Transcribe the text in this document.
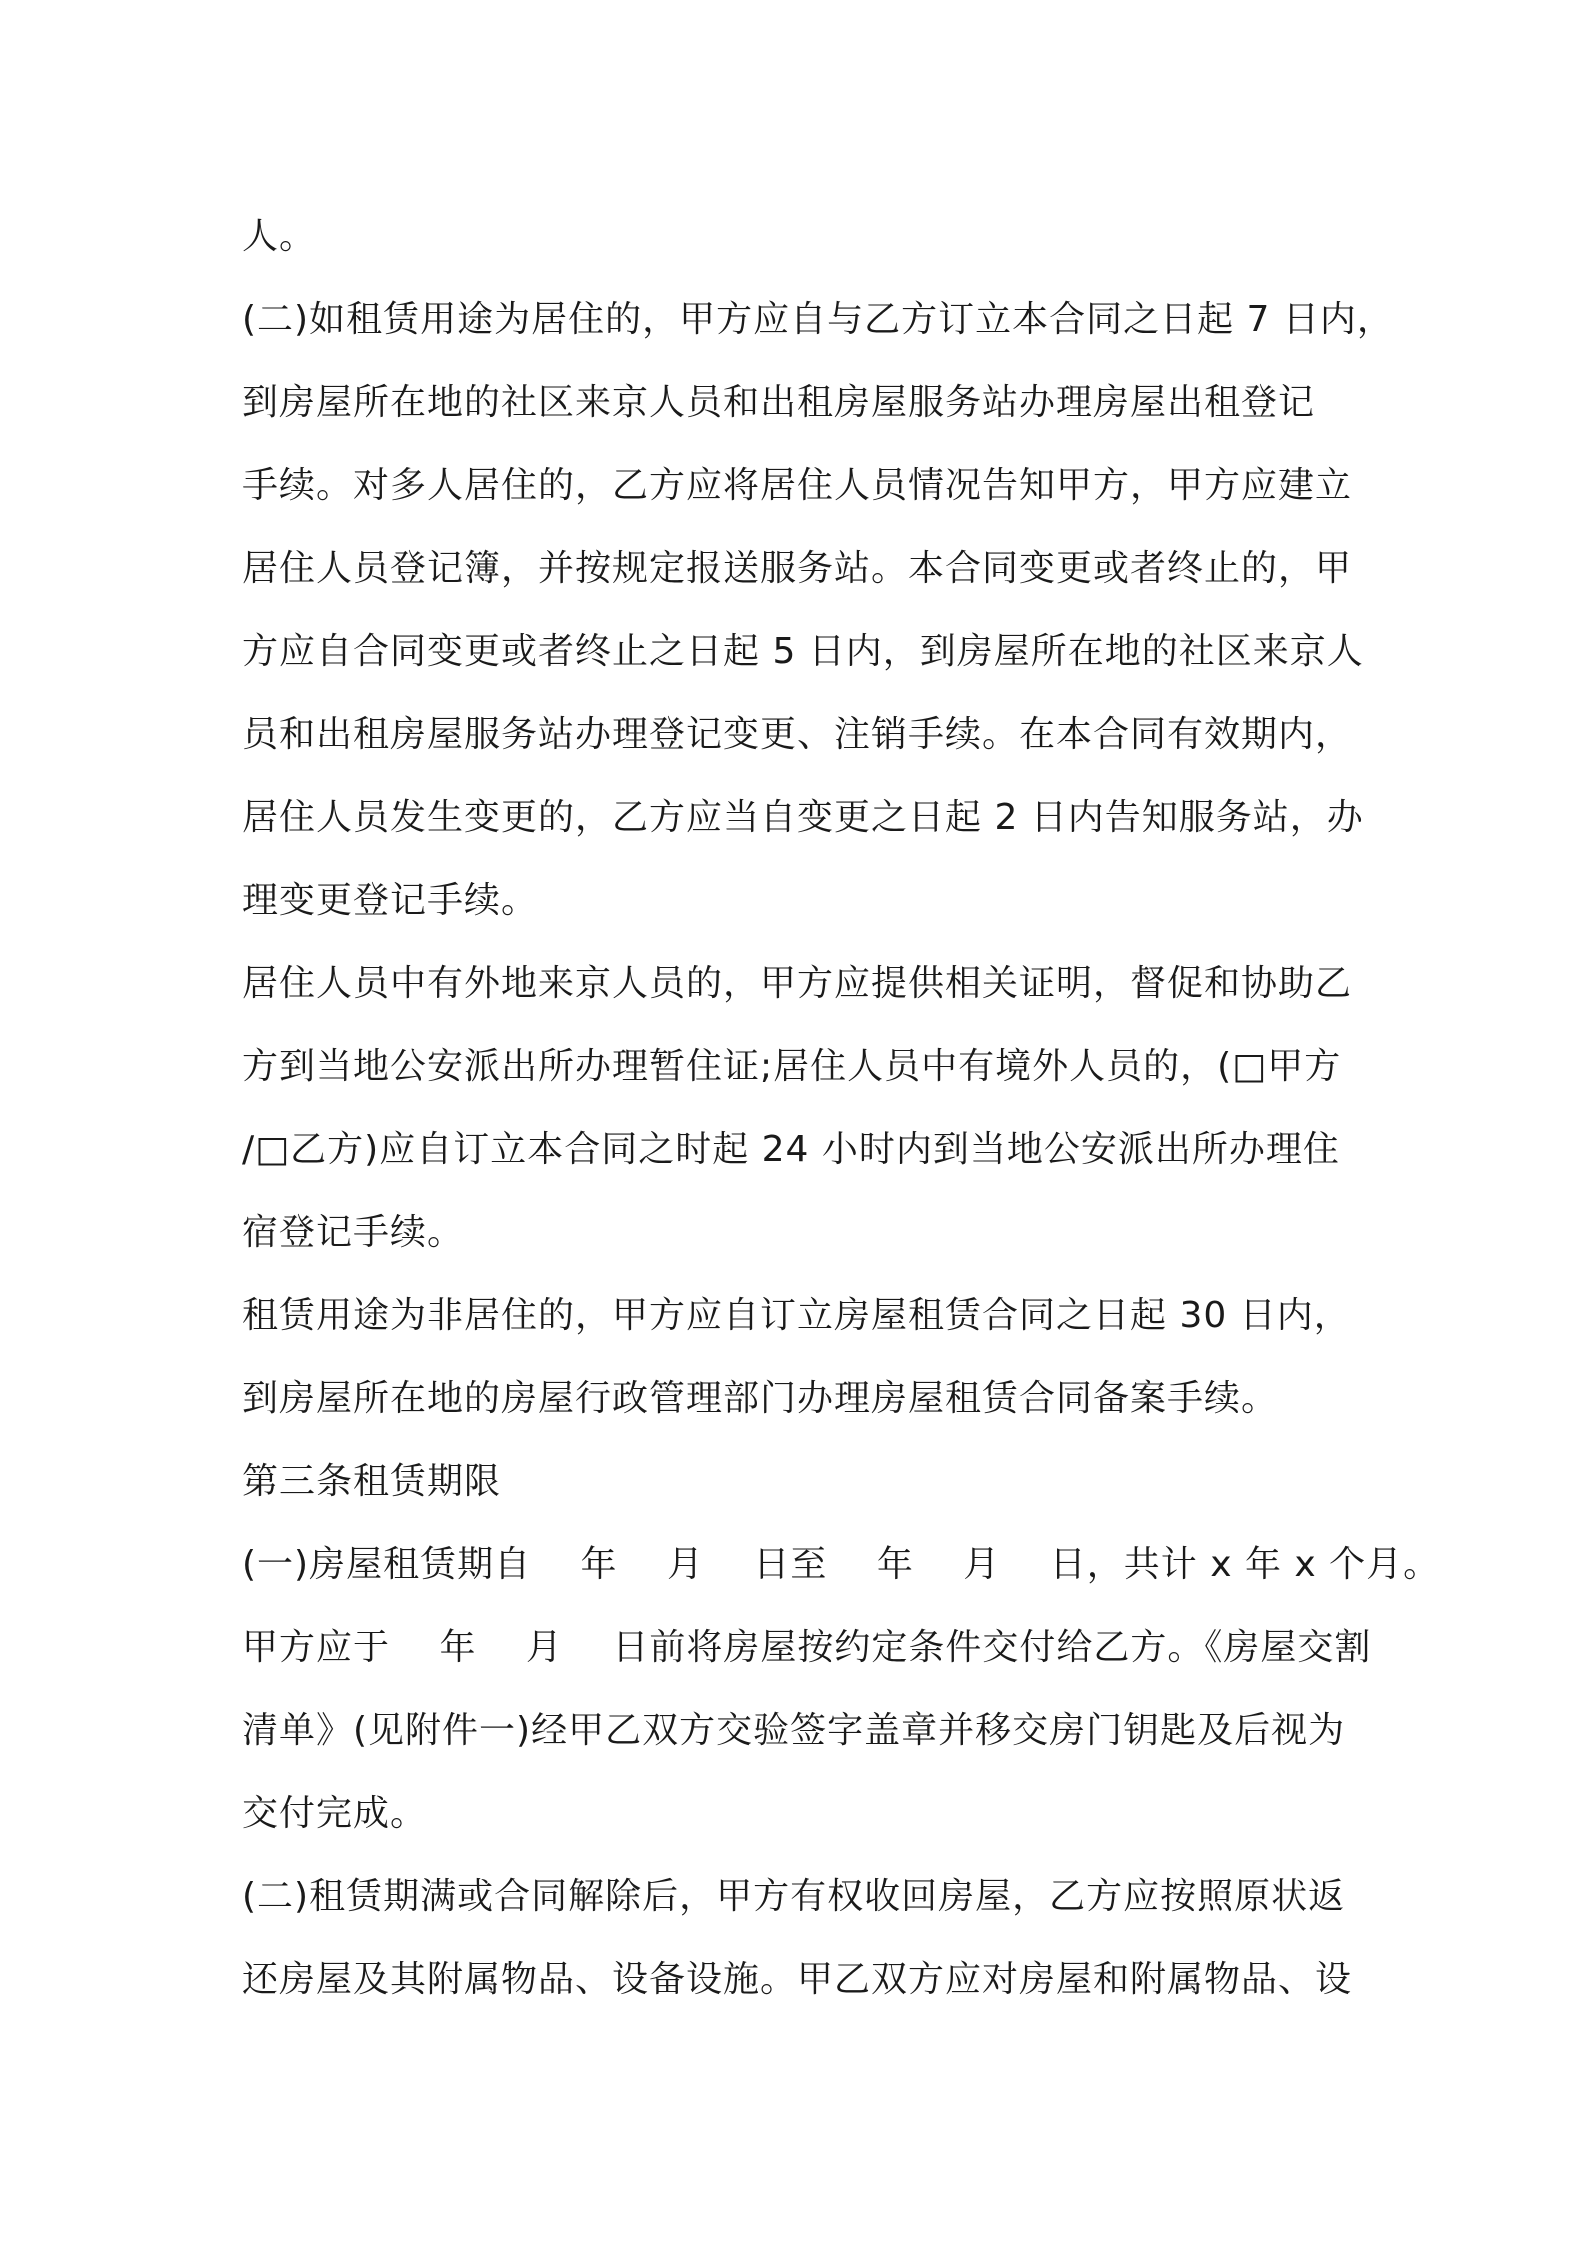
人。
(二)如租赁用途为居住的，甲方应自与乙方订立本合同之日起 7 日内，
到房屋所在地的社区来京人员和出租房屋服务站办理房屋出租登记
手续。对多人居住的，乙方应将居住人员情况告知甲方，甲方应建立
居住人员登记簿，并按规定报送服务站。本合同变更或者终止的，甲
方应自合同变更或者终止之日起 5 日内，到房屋所在地的社区来京人
员和出租房屋服务站办理登记变更、注销手续。在本合同有效期内，
居住人员发生变更的，乙方应当自变更之日起 2 日内告知服务站，办
理变更登记手续。
居住人员中有外地来京人员的，甲方应提供相关证明，督促和协助乙
方到当地公安派出所办理暂住证;居住人员中有境外人员的，(□甲方
/□乙方)应自订立本合同之时起 24 小时内到当地公安派出所办理住
宿登记手续。
租赁用途为非居住的，甲方应自订立房屋租赁合同之日起 30 日内，
到房屋所在地的房屋行政管理部门办理房屋租赁合同备案手续。
第三条租赁期限
(一)房屋租赁期自　 年　 月　 日至　 年　 月　 日，共计 x 年 x 个月。
甲方应于　 年　 月　 日前将房屋按约定条件交付给乙方。《房屋交割
清单》(见附件一)经甲乙双方交验签字盖章并移交房门钥匙及后视为
交付完成。
(二)租赁期满或合同解除后，甲方有权收回房屋，乙方应按照原状返
还房屋及其附属物品、设备设施。甲乙双方应对房屋和附属物品、设
